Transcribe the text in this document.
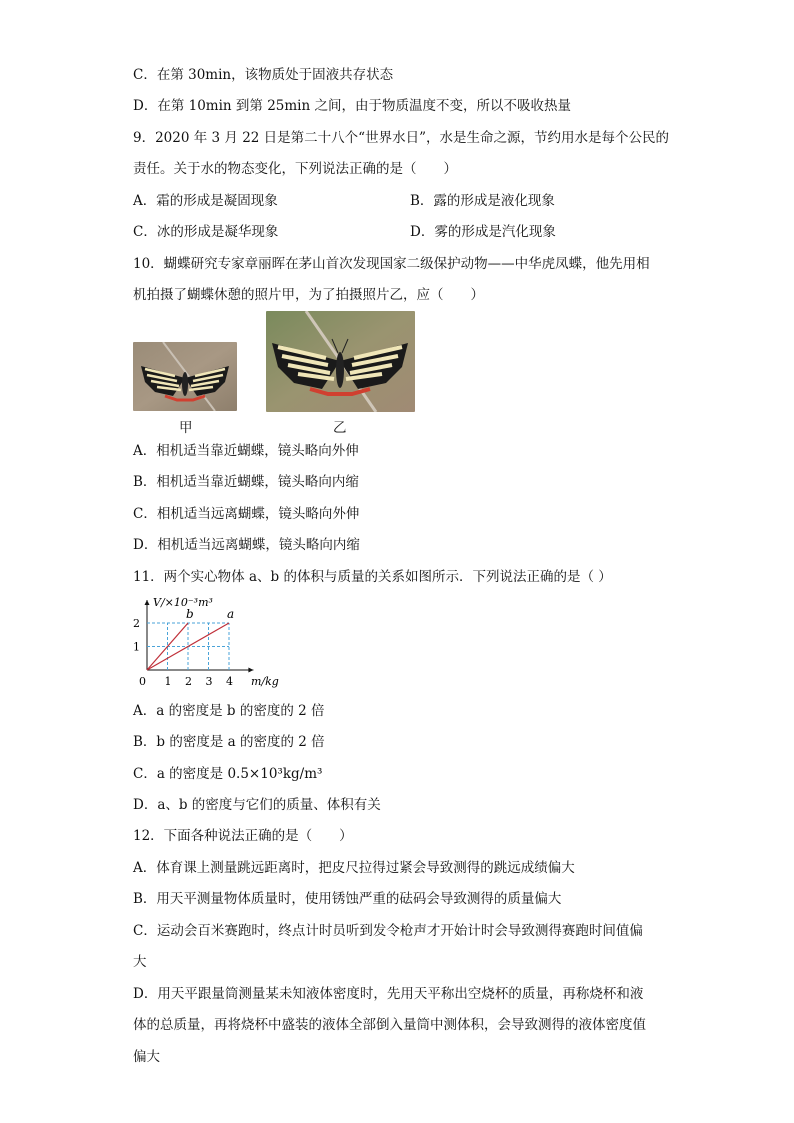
C．在第 30min，该物质处于固液共存状态
D．在第 10min 到第 25min 之间，由于物质温度不变，所以不吸收热量
9．2020 年 3 月 22 日是第二十八个“世界水日”，水是生命之源，节约用水是每个公民的
责任。关于水的物态变化，下列说法正确的是（　　）
A．霜的形成是凝固现象	B．露的形成是液化现象
C．冰的形成是凝华现象	D．雾的形成是汽化现象
10．蝴蝶研究专家章丽晖在茅山首次发现国家二级保护动物——中华虎凤蝶，他先用相
机拍摄了蝴蝶休憩的照片甲，为了拍摄照片乙，应（　　）
甲	乙
A．相机适当靠近蝴蝶，镜头略向外伸
B．相机适当靠近蝴蝶，镜头略向内缩
C．相机适当远离蝴蝶，镜头略向外伸
D．相机适当远离蝴蝶，镜头略向内缩
11．两个实心物体 a、b 的体积与质量的关系如图所示．下列说法正确的是（ ）
1 2 3 4
1
2
b	a
V/×10⁻³m³
m/kg
0
A．a 的密度是 b 的密度的 2 倍
B．b 的密度是 a 的密度的 2 倍
C．a 的密度是 0.5×10³kg/m³
D．a、b 的密度与它们的质量、体积有关
12．下面各种说法正确的是（　　）
A．体育课上测量跳远距离时，把皮尺拉得过紧会导致测得的跳远成绩偏大
B．用天平测量物体质量时，使用锈蚀严重的砝码会导致测得的质量偏大
C．运动会百米赛跑时，终点计时员听到发令枪声才开始计时会导致测得赛跑时间值偏
大
D．用天平跟量筒测量某未知液体密度时，先用天平称出空烧杯的质量，再称烧杯和液
体的总质量，再将烧杯中盛装的液体全部倒入量筒中测体积，会导致测得的液体密度值
偏大
